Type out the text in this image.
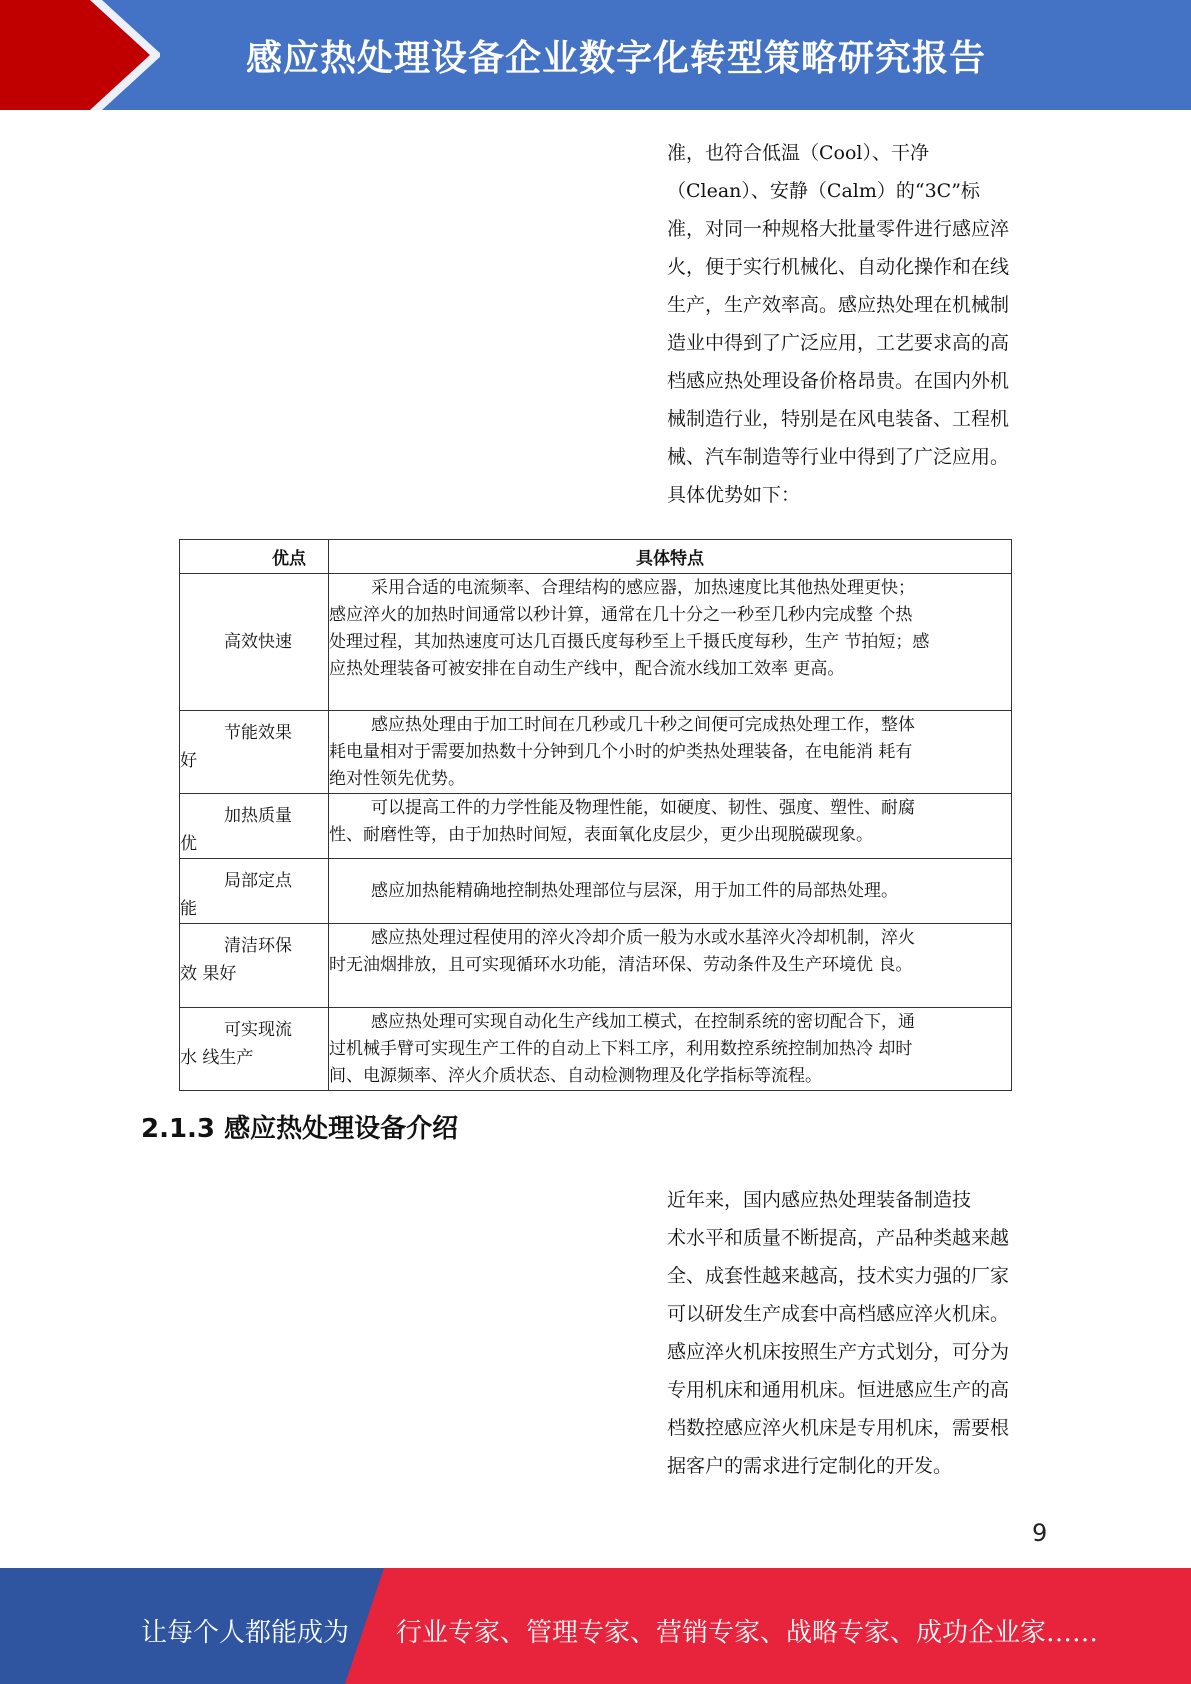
感应热处理设备企业数字化转型策略研究报告
准，也符合低温（Cool）、干净
（Clean）、安静（Calm）的“3C”标
准，对同一种规格大批量零件进行感应淬
火，便于实行机械化、自动化操作和在线
生产，生产效率高。感应热处理在机械制
造业中得到了广泛应用，工艺要求高的高
档感应热处理设备价格昂贵。在国内外机
械制造行业，特别是在风电装备、工程机
械、汽车制造等行业中得到了广泛应用。
具体优势如下：
优点	具体特点

高效快速	采用合适的电流频率、合理结构的感应器，加热速度比其他热处理更快；
感应淬火的加热时间通常以秒计算，通常在几十分之一秒至几秒内完成整 个热
处理过程，其加热速度可达几百摄氏度每秒至上千摄氏度每秒，生产 节拍短；感
应热处理装备可被安排在自动生产线中，配合流水线加工效率 更高。

节能效果
好	感应热处理由于加工时间在几秒或几十秒之间便可完成热处理工作，整体
耗电量相对于需要加热数十分钟到几个小时的炉类热处理装备，在电能消 耗有
绝对性领先优势。

加热质量
优	可以提高工件的力学性能及物理性能，如硬度、韧性、强度、塑性、耐腐
性、耐磨性等，由于加热时间短，表面氧化皮层少，更少出现脱碳现象。

局部定点
能	感应加热能精确地控制热处理部位与层深，用于加工件的局部热处理。

清洁环保
效 果好	感应热处理过程使用的淬火冷却介质一般为水或水基淬火冷却机制，淬火
时无油烟排放，且可实现循环水功能，清洁环保、劳动条件及生产环境优 良。

可实现流
水 线生产	感应热处理可实现自动化生产线加工模式，在控制系统的密切配合下，通
过机械手臂可实现生产工件的自动上下料工序，利用数控系统控制加热冷 却时
间、电源频率、淬火介质状态、自动检测物理及化学指标等流程。
2.1.3 感应热处理设备介绍
近年来，国内感应热处理装备制造技
术水平和质量不断提高，产品种类越来越
全、成套性越来越高，技术实力强的厂家
可以研发生产成套中高档感应淬火机床。
感应淬火机床按照生产方式划分，可分为
专用机床和通用机床。恒进感应生产的高
档数控感应淬火机床是专用机床，需要根
据客户的需求进行定制化的开发。
9
让每个人都能成为 行业专家、管理专家、营销专家、战略专家、成功企业家……
